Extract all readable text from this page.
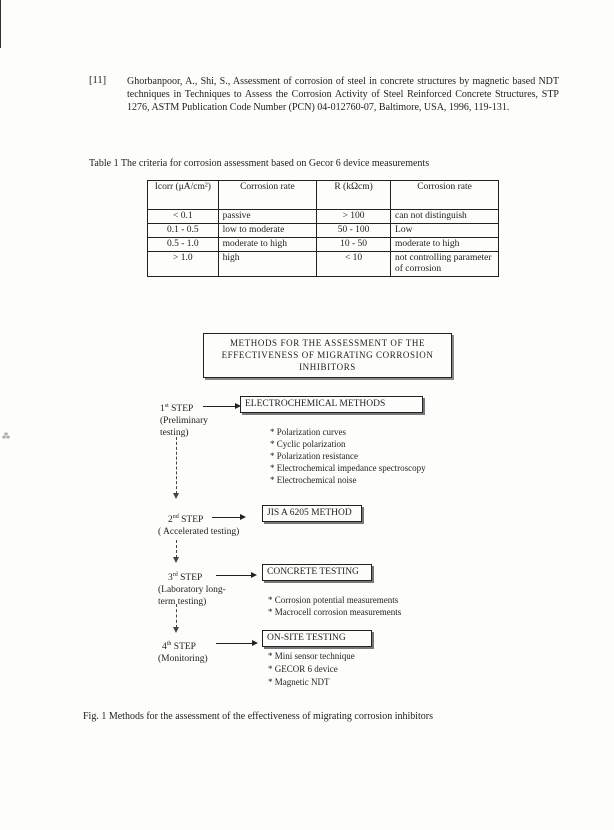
⁂
[11] Ghorbanpoor, A., Shi, S., Assessment of corrosion of steel in concrete structures by magnetic based NDT techniques in Techniques to Assess the Corrosion Activity of Steel Reinforced Concrete Structures, STP 1276, ASTM Publication Code Number (PCN) 04-012760-07, Baltimore, USA, 1996, 119-131.
Table 1 The criteria for corrosion assessment based on Gecor 6 device measurements
Icorr (μA/cm²)	Corrosion rate	R (kΩcm)	Corrosion rate
< 0.1	passive	> 100	can not distinguish
0.1 - 0.5	low to moderate	50 - 100	Low
0.5 - 1.0	moderate to high	10 - 50	moderate to high
> 1.0	high	< 10	not controlling parameter of corrosion
METHODS FOR THE ASSESSMENT OF THE EFFECTIVENESS OF MIGRATING CORROSION INHIBITORS
1st STEP
(Preliminary testing)
ELECTROCHEMICAL METHODS
* Polarization curves
* Cyclic polarization
* Polarization resistance
* Electrochemical impedance spectroscopy
* Electrochemical noise
2nd STEP
( Accelerated testing)
JIS A 6205 METHOD
3rd STEP
(Laboratory long-term testing)
CONCRETE TESTING
* Corrosion potential measurements
* Macrocell corrosion measurements
4th STEP
(Monitoring)
ON-SITE TESTING
* Mini sensor technique
* GECOR 6 device
* Magnetic NDT
Fig. 1 Methods for the assessment of the effectiveness of migrating corrosion inhibitors
